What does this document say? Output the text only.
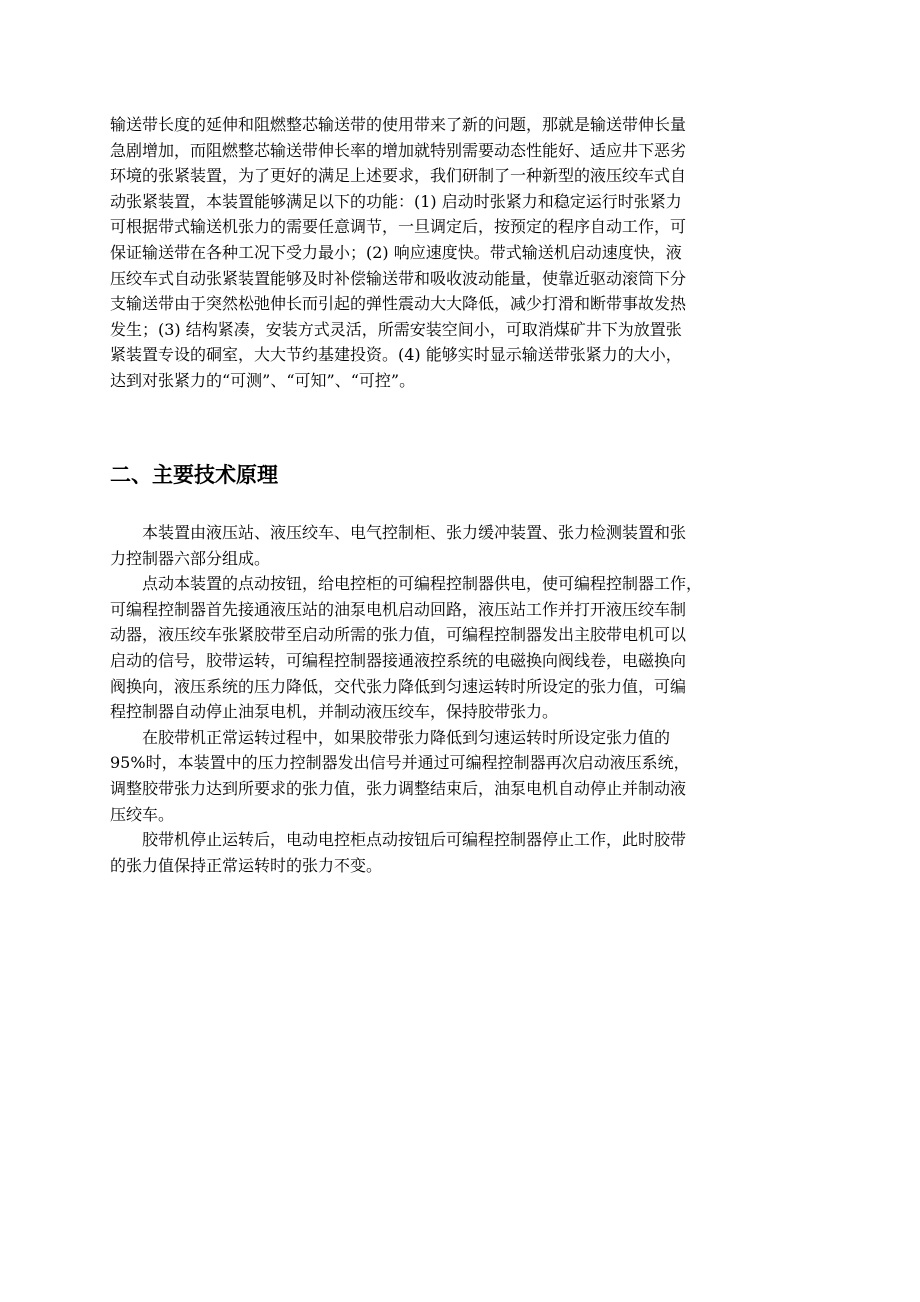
输送带长度的延伸和阻燃整芯输送带的使用带来了新的问题，那就是输送带伸长量
急剧增加，而阻燃整芯输送带伸长率的增加就特别需要动态性能好、适应井下恶劣
环境的张紧装置，为了更好的满足上述要求，我们研制了一种新型的液压绞车式自
动张紧装置，本装置能够满足以下的功能：(1) 启动时张紧力和稳定运行时张紧力
可根据带式输送机张力的需要任意调节，一旦调定后，按预定的程序自动工作，可
保证输送带在各种工况下受力最小；(2) 响应速度快。带式输送机启动速度快，液
压绞车式自动张紧装置能够及时补偿输送带和吸收波动能量，使靠近驱动滚筒下分
支输送带由于突然松弛伸长而引起的弹性震动大大降低，减少打滑和断带事故发热
发生；(3) 结构紧凑，安装方式灵活，所需安装空间小，可取消煤矿井下为放置张
紧装置专设的硐室，大大节约基建投资。(4) 能够实时显示输送带张紧力的大小，
达到对张紧力的“可测”、“可知”、“可控”。
二、主要技术原理
　　本装置由液压站、液压绞车、电气控制柜、张力缓冲装置、张力检测装置和张
力控制器六部分组成。
　　点动本装置的点动按钮，给电控柜的可编程控制器供电，使可编程控制器工作，
可编程控制器首先接通液压站的油泵电机启动回路，液压站工作并打开液压绞车制
动器，液压绞车张紧胶带至启动所需的张力值，可编程控制器发出主胶带电机可以
启动的信号，胶带运转，可编程控制器接通液控系统的电磁换向阀线卷，电磁换向
阀换向，液压系统的压力降低，交代张力降低到匀速运转时所设定的张力值，可编
程控制器自动停止油泵电机，并制动液压绞车，保持胶带张力。
　　在胶带机正常运转过程中，如果胶带张力降低到匀速运转时所设定张力值的
95%时，本装置中的压力控制器发出信号并通过可编程控制器再次启动液压系统，
调整胶带张力达到所要求的张力值，张力调整结束后，油泵电机自动停止并制动液
压绞车。
　　胶带机停止运转后，电动电控柜点动按钮后可编程控制器停止工作，此时胶带
的张力值保持正常运转时的张力不变。
